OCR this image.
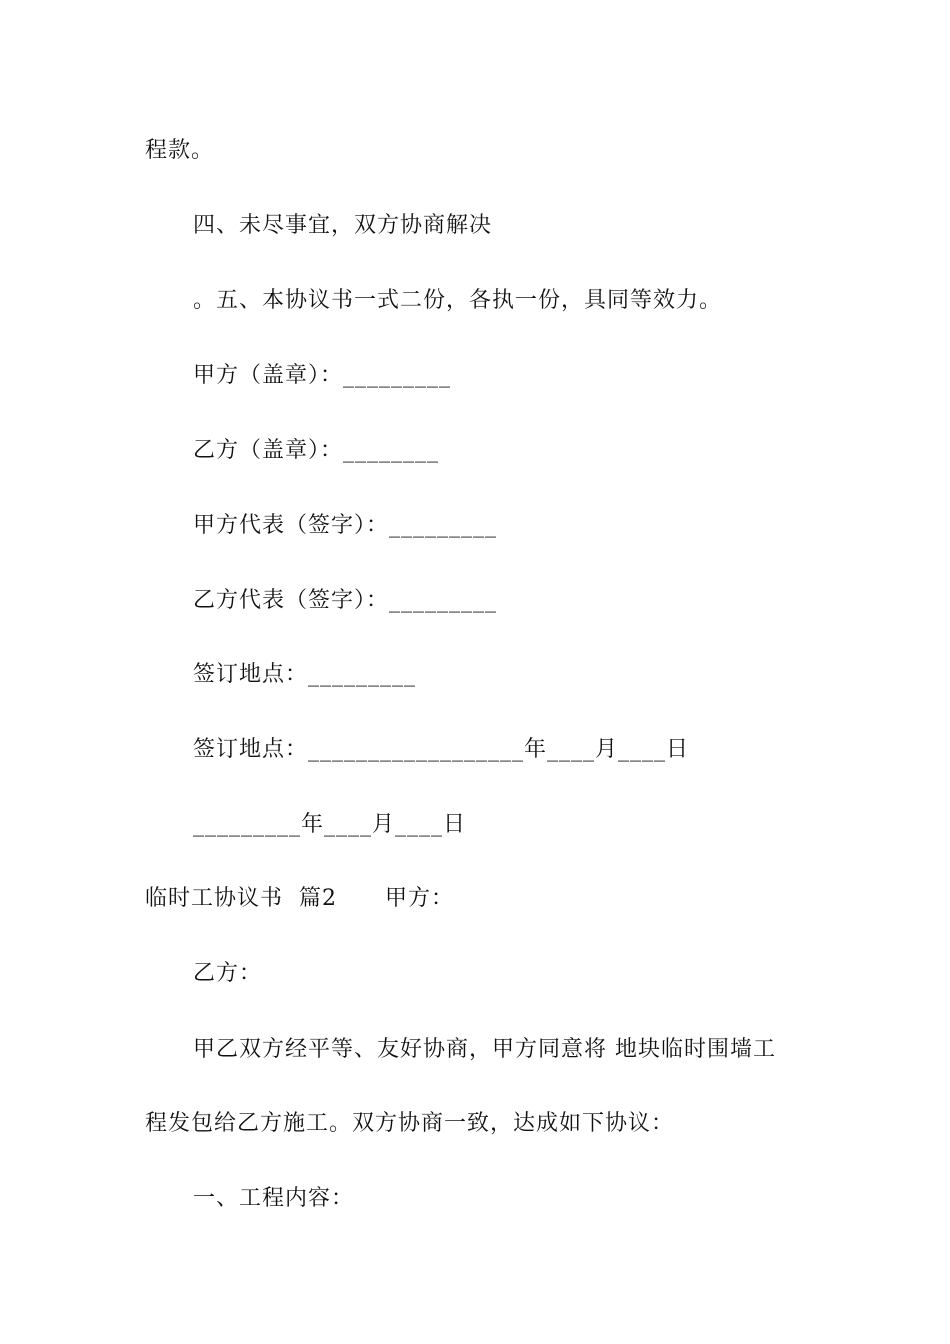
程款。
四、未尽事宜，双方协商解决
。五、本协议书一式二份，各执一份，具同等效力。
甲方（盖章）：_________
乙方（盖章）：________
甲方代表（签字）：_________
乙方代表（签字）：_________
签订地点：_________
签订地点：__________________年____月____日
_________年____月____日
临时工协议书  篇2      甲方：
乙方：
甲乙双方经平等、友好协商，甲方同意将 地块临时围墙工
程发包给乙方施工。双方协商一致，达成如下协议：
一、工程内容：
